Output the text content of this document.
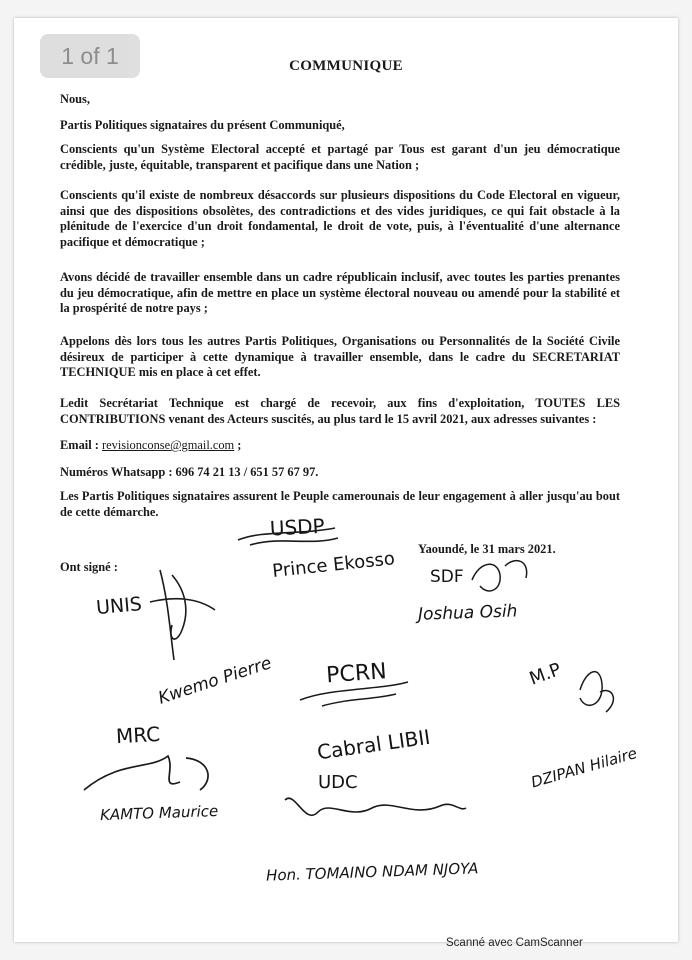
1 of 1	COMMUNIQUE
Nous,
Partis Politiques signataires du présent Communiqué,
Conscients qu'un Système Electoral accepté et partagé par Tous est garant d'un jeu démocratique crédible, juste, équitable, transparent et pacifique dans une Nation ;
Conscients qu'il existe de nombreux désaccords sur plusieurs dispositions du Code Electoral en vigueur, ainsi que des dispositions obsolètes, des contradictions et des vides juridiques, ce qui fait obstacle à la plénitude de l'exercice d'un droit fondamental, le droit de vote, puis, à l'éventualité d'une alternance pacifique et démocratique ;
Avons décidé de travailler ensemble dans un cadre républicain inclusif, avec toutes les parties prenantes du jeu démocratique, afin de mettre en place un système électoral nouveau ou amendé pour la stabilité et la prospérité de notre pays ;
Appelons dès lors tous les autres Partis Politiques, Organisations ou Personnalités de la Société Civile désireux de participer à cette dynamique à travailler ensemble, dans le cadre du SECRETARIAT TECHNIQUE mis en place à cet effet.
Ledit Secrétariat Technique est chargé de recevoir, aux fins d'exploitation, TOUTES LES CONTRIBUTIONS venant des Acteurs suscités, au plus tard le 15 avril 2021, aux adresses suivantes :
Email : revisionconse@gmail.com ;
Numéros Whatsapp : 696 74 21 13 / 651 57 67 97.
Les Partis Politiques signataires assurent le Peuple camerounais de leur engagement à aller jusqu'au bout de cette démarche.
Yaoundé, le 31 mars 2021.
Ont signé :
USDP
Prince Ekosso SDF
Joshua Osih
UNIS
Kwemo Pierre PCRN
Cabral LIBII
M.P
DZIPAN Hilaire
MRC
KAMTO Maurice
UDC
Hon. TOMAINO NDAM NJOYA
Scanné avec CamScanner
